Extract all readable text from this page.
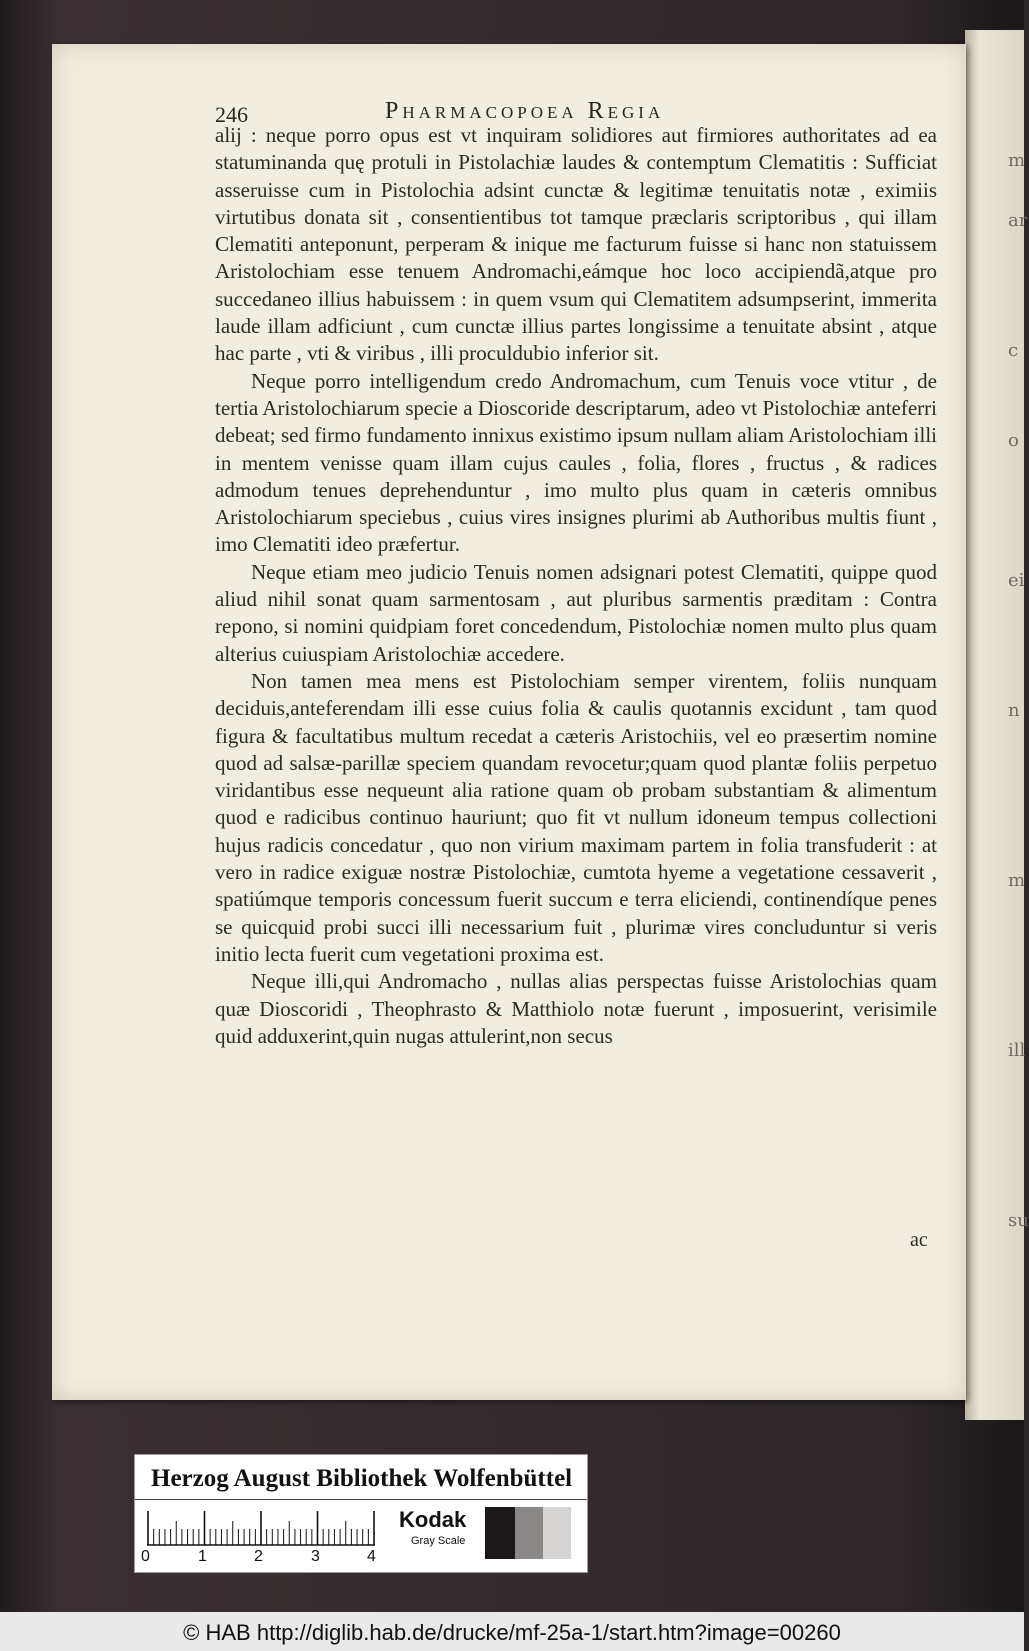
m
ar
c
o
ei
n
m
ill
su
246	Pharmacopoea Regia

alij : neque porro opus est vt inquiram solidiores aut firmiores authoritates ad ea statuminanda quę protuli in Pistolachiæ laudes & contemptum Clematitis : Sufficiat asseruisse cum in Pistolochia adsint cunctæ & legitimæ tenuitatis notæ , eximiis virtutibus donata sit , consentientibus tot tamque præclaris scriptoribus , qui illam Clematiti anteponunt, perperam & inique me facturum fuisse si hanc non statuissem Aristolochiam esse tenuem Andromachi,eámque hoc loco accipiendã,atque pro succedaneo illius habuissem : in quem vsum qui Clematitem adsumpserint, immerita laude illam adficiunt , cum cunctæ illius partes longissime a tenuitate absint , atque hac parte , vti & viribus , illi proculdubio inferior sit.

Neque porro intelligendum credo Andromachum, cum Tenuis voce vtitur , de tertia Aristolochiarum specie a Dioscoride descriptarum, adeo vt Pistolochiæ anteferri debeat; sed firmo fundamento innixus existimo ipsum nullam aliam Aristolochiam illi in mentem venisse quam illam cujus caules , folia, flores , fructus , & radices admodum tenues deprehenduntur , imo multo plus quam in cæteris omnibus Aristolochiarum speciebus , cuius vires insignes plurimi ab Authoribus multis fiunt , imo Clematiti ideo præfertur.

Neque etiam meo judicio Tenuis nomen adsignari potest Clematiti, quippe quod aliud nihil sonat quam sarmentosam , aut pluribus sarmentis præditam : Contra repono, si nomini quidpiam foret concedendum, Pistolochiæ nomen multo plus quam alterius cuiuspiam Aristolochiæ accedere.

Non tamen mea mens est Pistolochiam semper virentem, foliis nunquam deciduis,anteferendam illi esse cuius folia & caulis quotannis excidunt , tam quod figura & facultatibus multum recedat a cæteris Aristochiis, vel eo præsertim nomine quod ad salsæ-parillæ speciem quandam revocetur;quam quod plantæ foliis perpetuo viridantibus esse nequeunt alia ratione quam ob probam substantiam & alimentum quod e radicibus continuo hauriunt; quo fit vt nullum idoneum tempus collectioni hujus radicis concedatur , quo non virium maximam partem in folia transfuderit : at vero in radice exiguæ nostræ Pistolochiæ, cumtota hyeme a vegetatione cessaverit , spatiúmque temporis concessum fuerit succum e terra eliciendi, continendíque penes se quicquid probi succi illi necessarium fuit , plurimæ vires concluduntur si veris initio lecta fuerit cum vegetationi proxima est.

Neque illi,qui Andromacho , nullas alias perspectas fuisse Aristolochias quam quæ Dioscoridi , Theophrasto & Matthiolo notæ fuerunt , imposuerint, verisimile quid adduxerint,quin nugas attulerint,non secus

ac
Herzog August Bibliothek Wolfenbüttel
0	1	2	3	4
Kodak
Gray Scale
© HAB http://diglib.hab.de/drucke/mf-25a-1/start.htm?image=00260
